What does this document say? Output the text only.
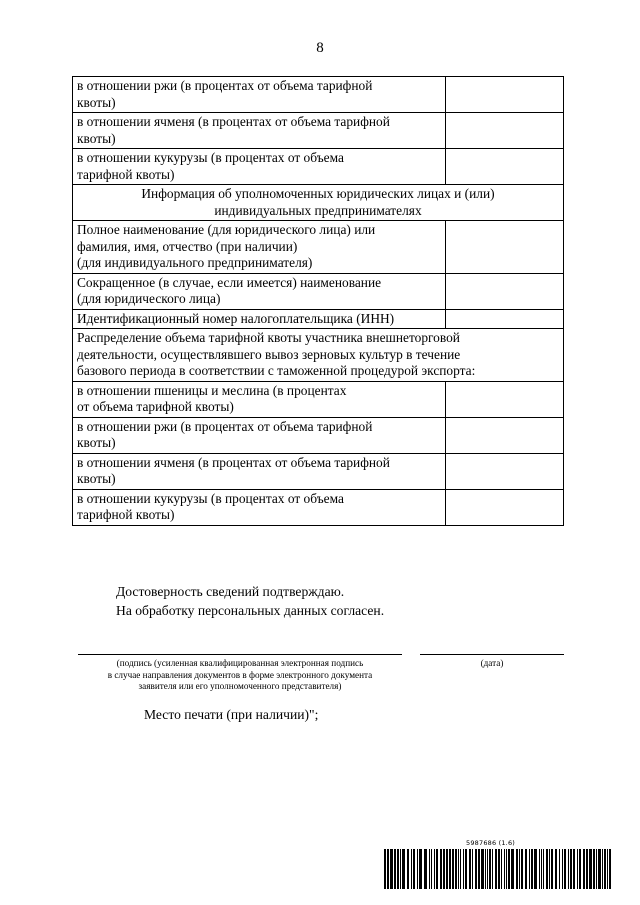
8
в отношении ржи (в процентах от объема тарифной
квоты)	
в отношении ячменя (в процентах от объема тарифной
квоты)	
в отношении кукурузы (в процентах от объема
тарифной квоты)	
Информация об уполномоченных юридических лицах и (или)
индивидуальных предпринимателях	
Полное наименование (для юридического лица) или
фамилия, имя, отчество (при наличии)
(для индивидуального предпринимателя)	
Сокращенное (в случае, если имеется) наименование
(для юридического лица)	
Идентификационный номер налогоплательщика (ИНН)	
Распределение объема тарифной квоты участника внешнеторговой
деятельности, осуществлявшего вывоз зерновых культур в течение
базового периода в соответствии с таможенной процедурой экспорта:	
в отношении пшеницы и меслина (в процентах
от объема тарифной квоты)	
в отношении ржи (в процентах от объема тарифной
квоты)	
в отношении ячменя (в процентах от объема тарифной
квоты)	
в отношении кукурузы (в процентах от объема
тарифной квоты)	
Достоверность сведений подтверждаю.
На обработку персональных данных согласен.
(подпись (усиленная квалифицированная электронная подпись
в случае направления документов в форме электронного документа
заявителя или его уполномоченного представителя)
(дата)
Место печати (при наличии)";
5987686 (1.6)
